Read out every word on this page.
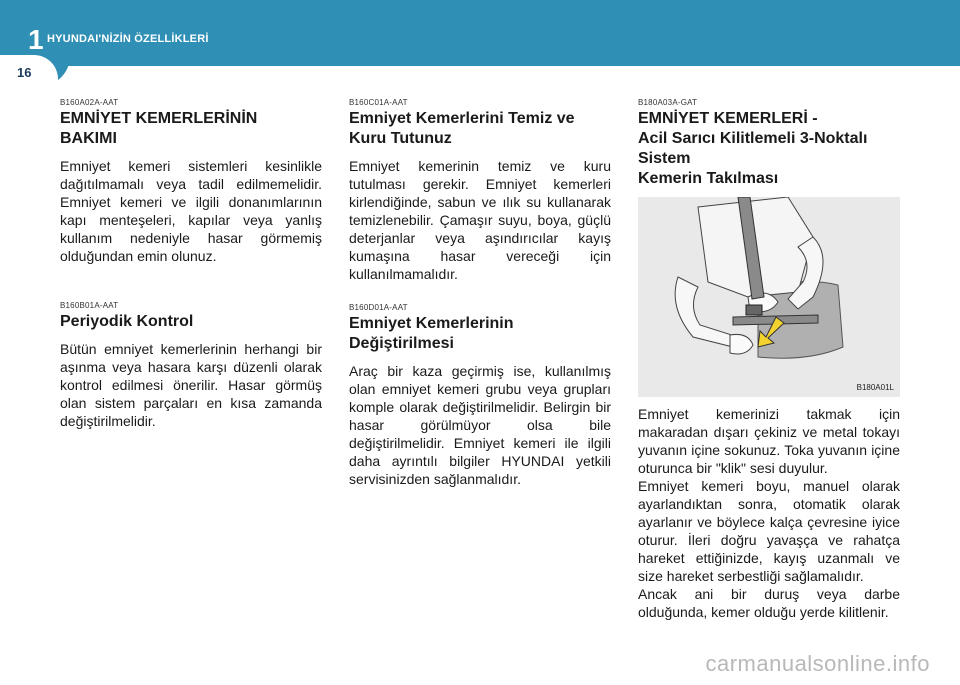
1 HYUNDAI'NİZİN ÖZELLİKLERİ
16
B160A02A-AAT
EMNİYET KEMERLERİNİN
BAKIMI

Emniyet kemeri sistemleri kesinlikle dağıtılmamalı veya tadil edilmemelidir. Emniyet kemeri ve ilgili donanımlarının kapı menteşeleri, kapılar veya yanlış kullanım nedeniyle hasar görmemiş olduğundan emin olunuz.

B160B01A-AAT
Periyodik Kontrol

Bütün emniyet kemerlerinin herhangi bir aşınma veya hasara karşı düzenli olarak kontrol edilmesi önerilir. Hasar görmüş olan sistem parçaları en kısa zamanda değiştirilmelidir.

B160C01A-AAT
Emniyet Kemerlerini Temiz ve
Kuru Tutunuz

Emniyet kemerinin temiz ve kuru tutulması gerekir. Emniyet kemerleri kirlendiğinde, sabun ve ılık su kullanarak temizlenebilir. Çamaşır suyu, boya, güçlü deterjanlar veya aşındırıcılar kayış kumaşına hasar vereceği için kullanılmamalıdır.

B160D01A-AAT
Emniyet Kemerlerinin
Değiştirilmesi

Araç bir kaza geçirmiş ise, kullanılmış olan emniyet kemeri grubu veya grupları komple olarak değiştirilmelidir. Belirgin bir hasar görülmüyor olsa bile değiştirilmelidir. Emniyet kemeri ile ilgili daha ayrıntılı bilgiler HYUNDAI yetkili servisinizden sağlanmalıdır.

B180A03A-GAT
EMNİYET KEMERLERİ -
Acil Sarıcı Kilitlemeli 3-Noktalı
Sistem
Kemerin Takılması
B180A01L

Emniyet kemerinizi takmak için makaradan dışarı çekiniz ve metal tokayı yuvanın içine sokunuz. Toka yuvanın içine oturunca bir "klik" sesi duyulur.

Emniyet kemeri boyu, manuel olarak ayarlandıktan sonra, otomatik olarak ayarlanır ve böylece kalça çevresine iyice oturur. İleri doğru yavaşça ve rahatça hareket ettiğinizde, kayış uzanmalı ve size hareket serbestliği sağlamalıdır.

Ancak ani bir duruş veya darbe olduğunda, kemer olduğu yerde kilitlenir.

carmanualsonline.info
